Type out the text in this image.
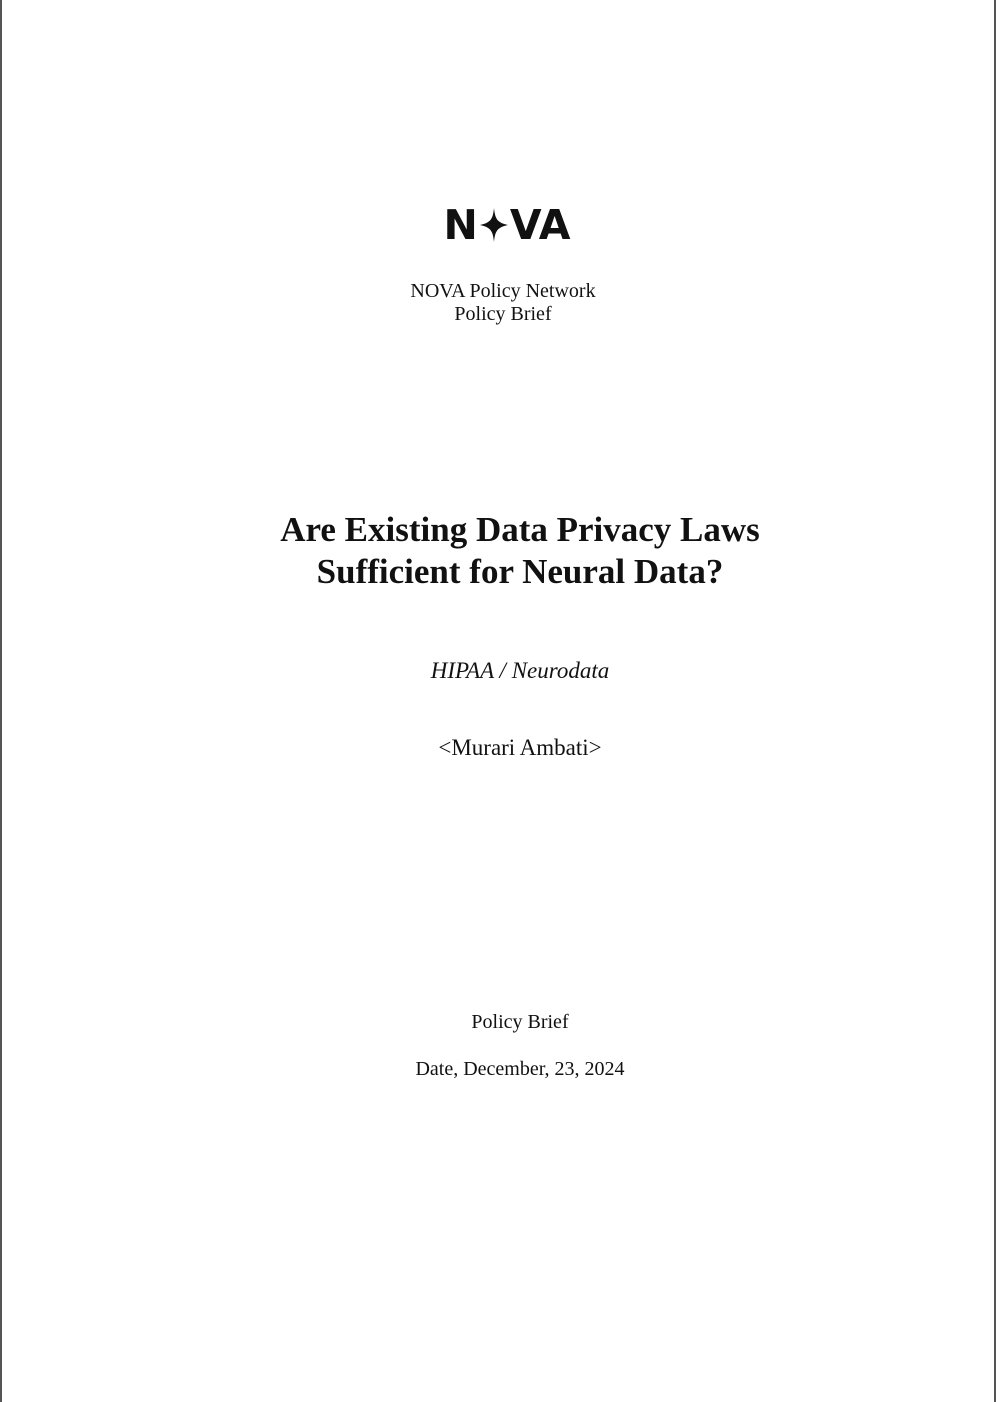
N VA
NOVA Policy Network
Policy Brief
Are Existing Data Privacy Laws Sufficient for Neural Data?
HIPAA / Neurodata
<Murari Ambati>
Policy Brief
Date, December, 23, 2024
